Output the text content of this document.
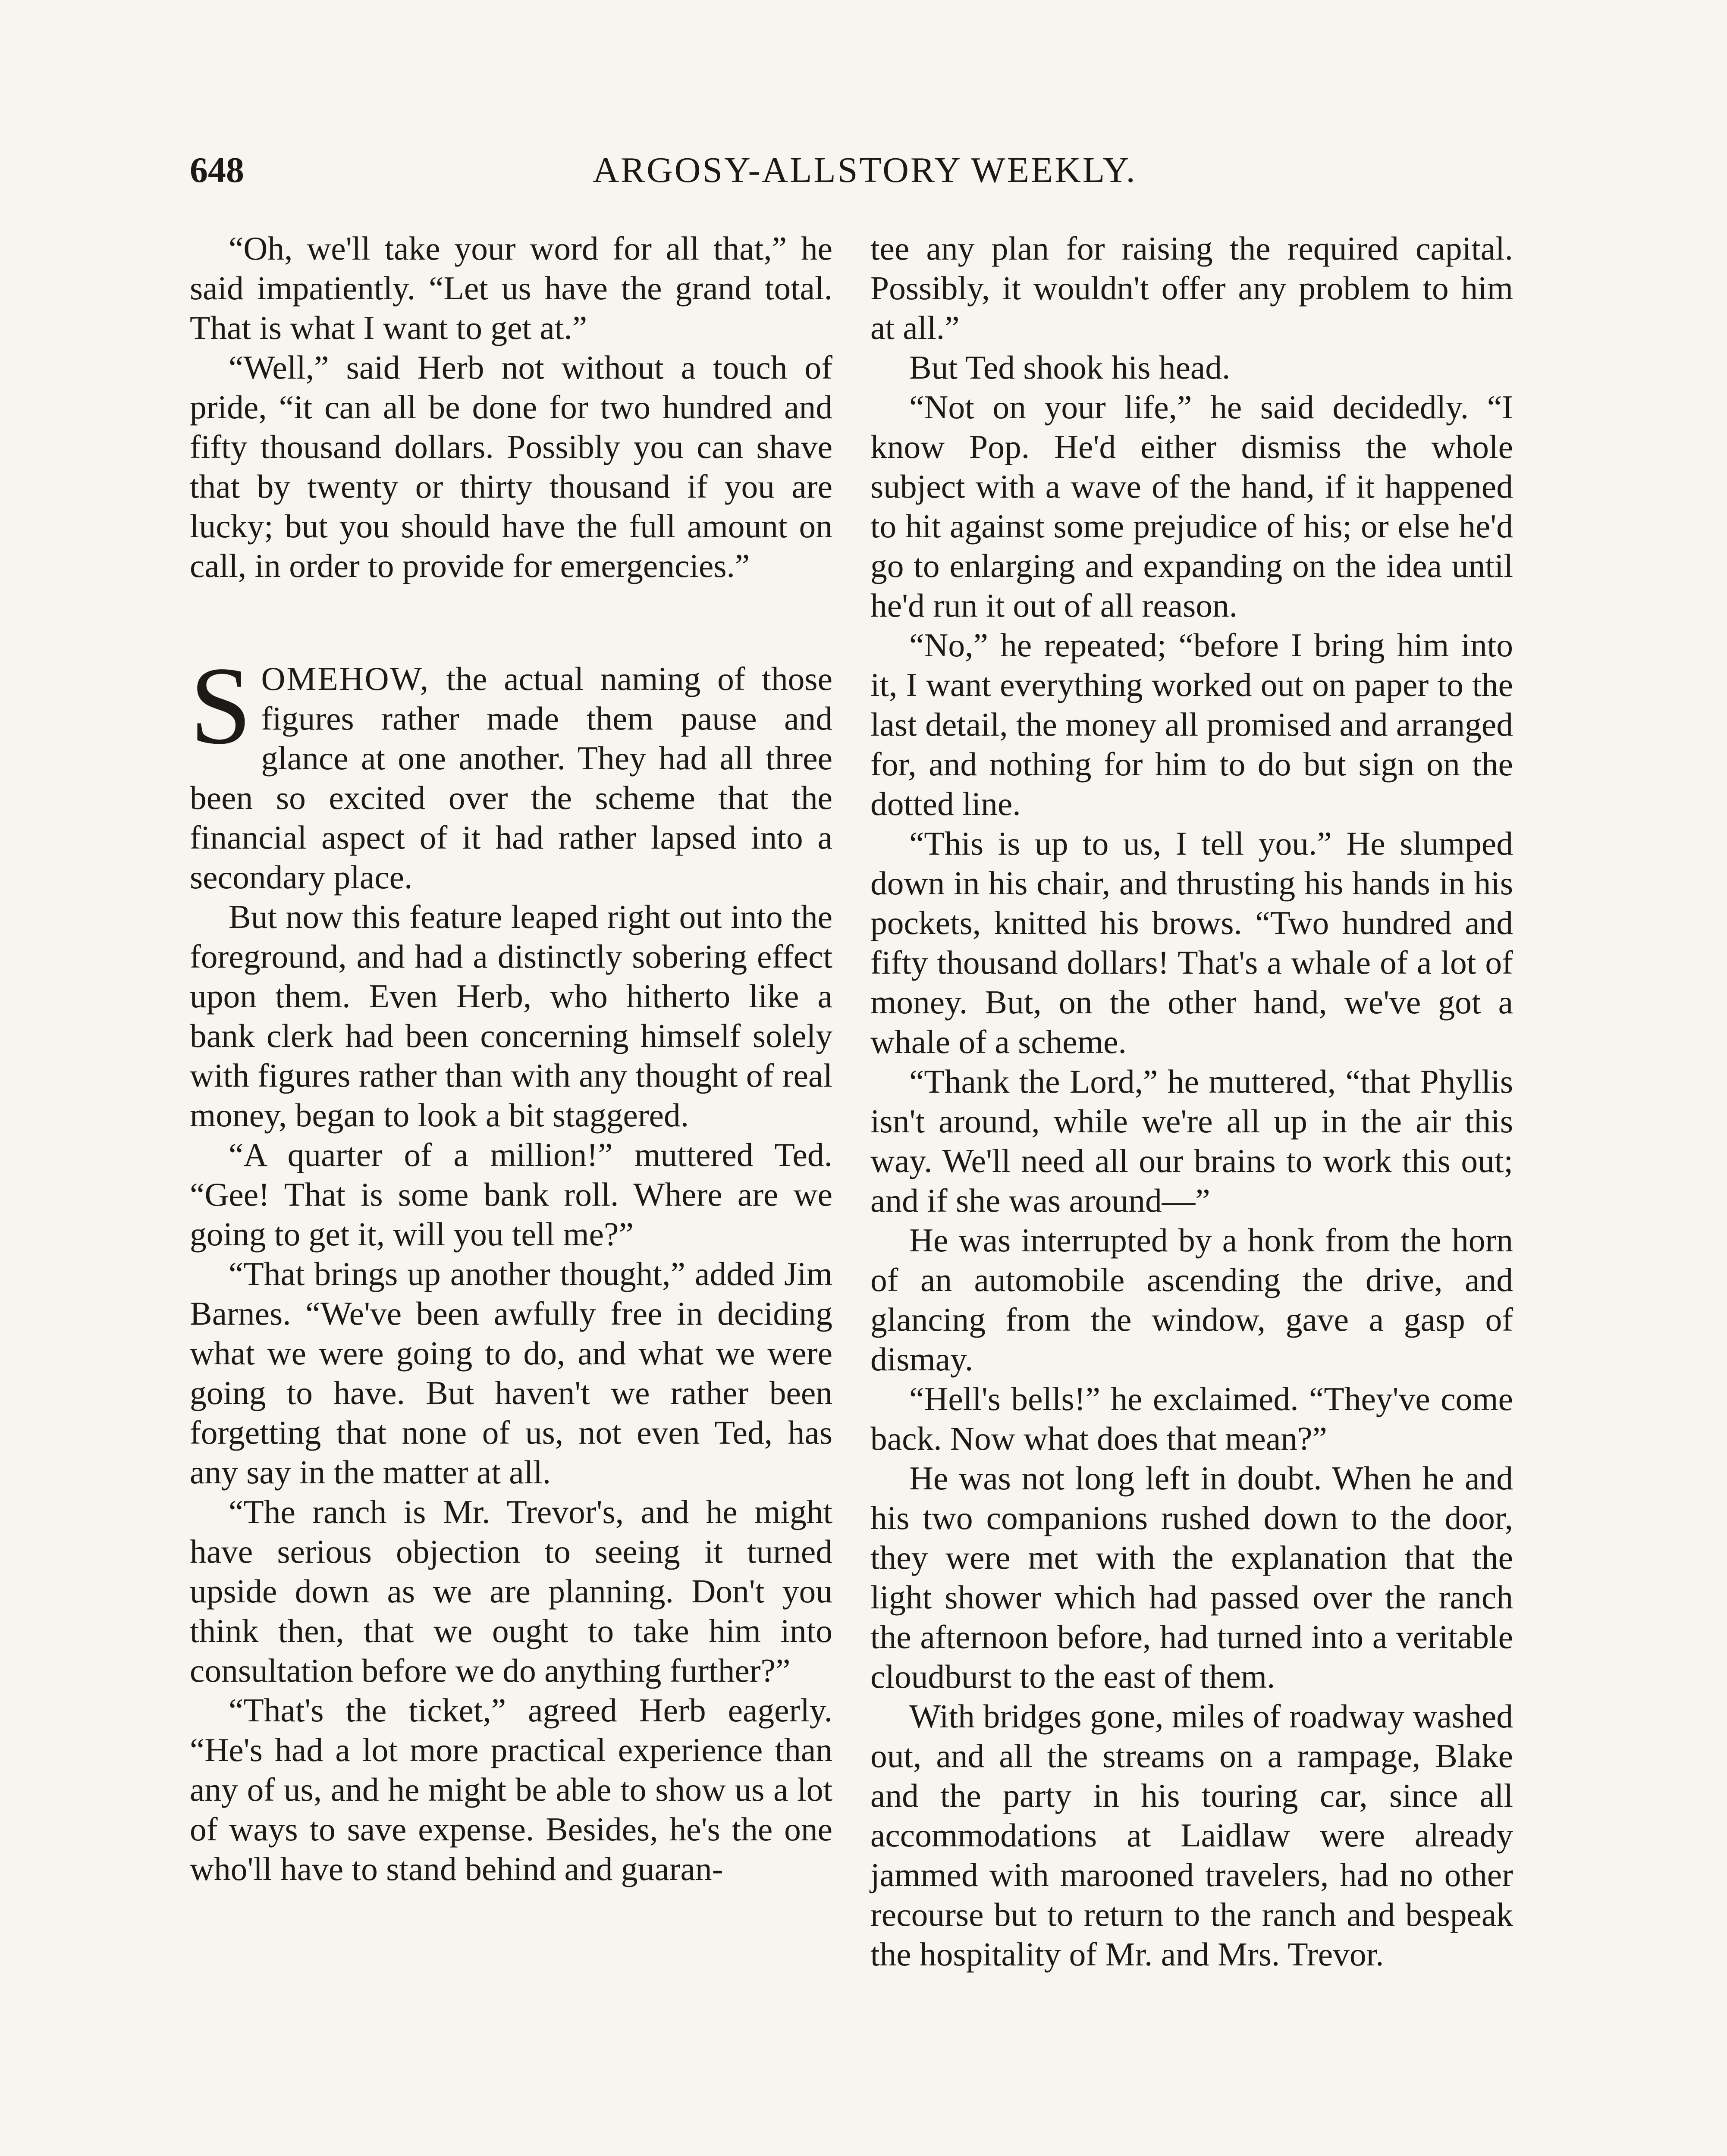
648	ARGOSY-ALLSTORY WEEKLY.

“Oh, we'll take your word for all that,” he said impatiently. “Let us have the grand total. That is what I want to get at.”

“Well,” said Herb not without a touch of pride, “it can all be done for two hundred and fifty thousand dollars. Possibly you can shave that by twenty or thirty thousand if you are lucky; but you should have the full amount on call, in order to provide for emergencies.”

SOMEHOW, the actual naming of those figures rather made them pause and glance at one another. They had all three been so excited over the scheme that the financial aspect of it had rather lapsed into a secondary place.

But now this feature leaped right out into the foreground, and had a distinctly sobering effect upon them. Even Herb, who hitherto like a bank clerk had been concerning himself solely with figures rather than with any thought of real money, began to look a bit staggered.

“A quarter of a million!” muttered Ted. “Gee! That is some bank roll. Where are we going to get it, will you tell me?”

“That brings up another thought,” added Jim Barnes. “We've been awfully free in deciding what we were going to do, and what we were going to have. But haven't we rather been forgetting that none of us, not even Ted, has any say in the matter at all.

“The ranch is Mr. Trevor's, and he might have serious objection to seeing it turned upside down as we are planning. Don't you think then, that we ought to take him into consultation before we do anything further?”

“That's the ticket,” agreed Herb eagerly. “He's had a lot more practical experience than any of us, and he might be able to show us a lot of ways to save expense. Besides, he's the one who'll have to stand behind and guaran-

tee any plan for raising the required capital. Possibly, it wouldn't offer any problem to him at all.”

But Ted shook his head.

“Not on your life,” he said decidedly. “I know Pop. He'd either dismiss the whole subject with a wave of the hand, if it happened to hit against some prejudice of his; or else he'd go to enlarging and expanding on the idea until he'd run it out of all reason.

“No,” he repeated; “before I bring him into it, I want everything worked out on paper to the last detail, the money all promised and arranged for, and nothing for him to do but sign on the dotted line.

“This is up to us, I tell you.” He slumped down in his chair, and thrusting his hands in his pockets, knitted his brows. “Two hundred and fifty thousand dollars! That's a whale of a lot of money. But, on the other hand, we've got a whale of a scheme.

“Thank the Lord,” he muttered, “that Phyllis isn't around, while we're all up in the air this way. We'll need all our brains to work this out; and if she was around—”

He was interrupted by a honk from the horn of an automobile ascending the drive, and glancing from the window, gave a gasp of dismay.

“Hell's bells!” he exclaimed. “They've come back. Now what does that mean?”

He was not long left in doubt. When he and his two companions rushed down to the door, they were met with the explanation that the light shower which had passed over the ranch the afternoon before, had turned into a veritable cloudburst to the east of them.

With bridges gone, miles of roadway washed out, and all the streams on a rampage, Blake and the party in his touring car, since all accommodations at Laidlaw were already jammed with marooned travelers, had no other recourse but to return to the ranch and bespeak the hospitality of Mr. and Mrs. Trevor.
